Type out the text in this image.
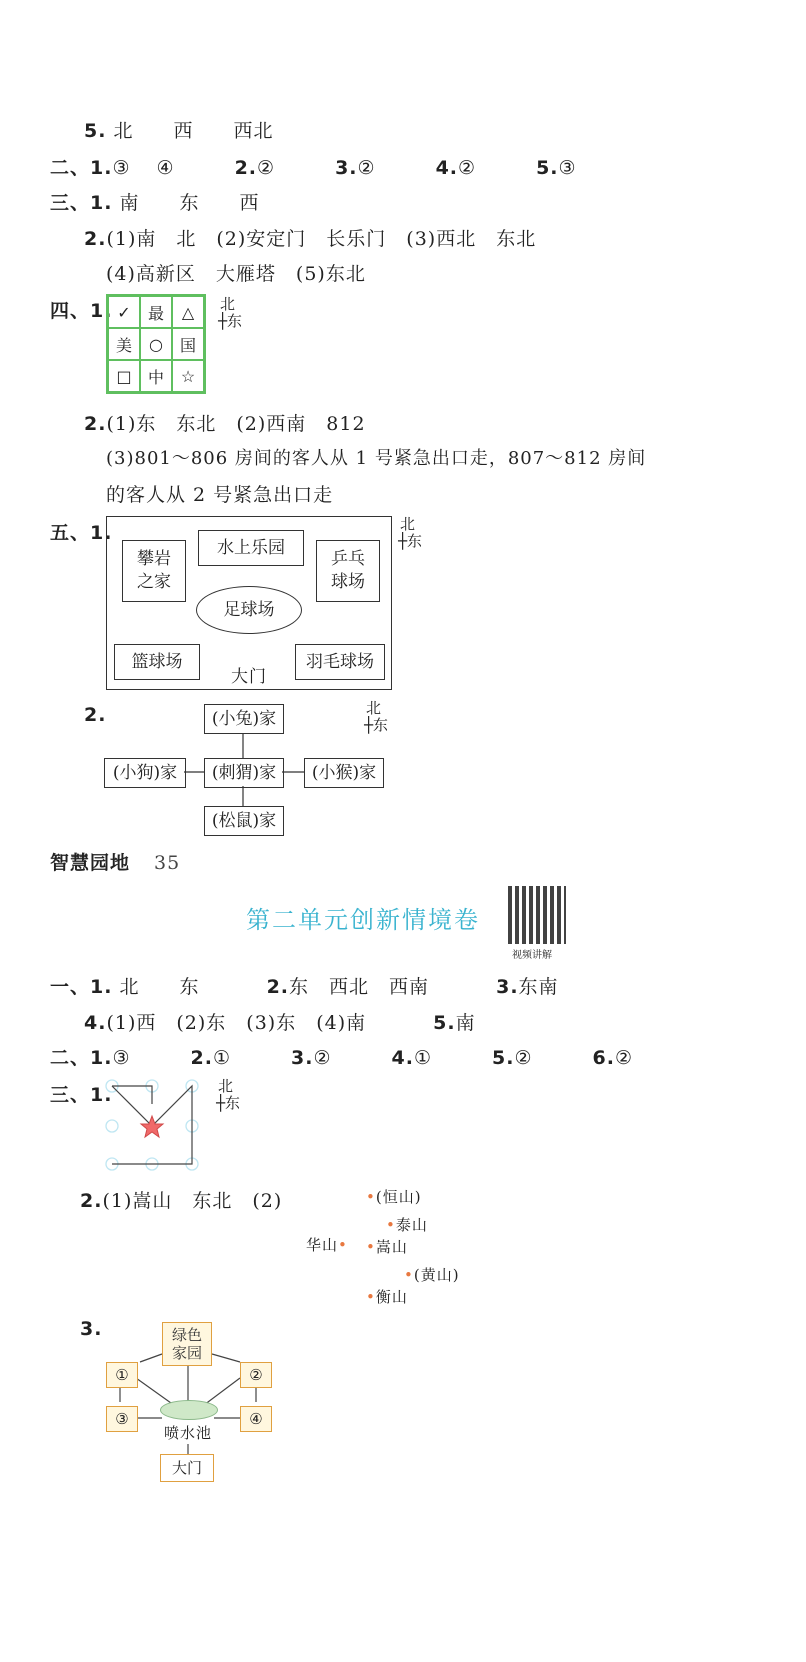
5. 北　　西　　西北
二、1.③ ④	2.②	3.②	4.②	5.③
三、1. 南　　东　　西
2.(1)南　北　(2)安定门　长乐门　(3)西北　东北
(4)高新区　大雁塔　(5)东北
四、1. ✓	最	△
美	○	国
□	中	☆
北
┼东
2.(1)东　东北　(2)西南　812
(3)801～806 房间的客人从 1 号紧急出口走，807～812 房间
的客人从 2 号紧急出口走
五、1.
攀岩
之家
水上乐园
乒乓
球场
足球场
篮球场
大门
羽毛球场
北
┼东
2.	(小兔)家
(小狗)家	(刺猬)家	(小猴)家
(松鼠)家
北
┼东
智慧园地 35
第二单元创新情境卷
视频讲解
一、1. 北　　东	2.东　西北　西南	3.东南
4.(1)西　(2)东　(3)东　(4)南	5.南
二、1.③	2.①	3.②	4.①	5.②	6.②
三、1.	北
┼东
2.(1)嵩山　东北　(2)	•(恒山)
•泰山
华山• •嵩山
•(黄山)
•衡山
3.	绿色
家园
①	②
③	④
喷水池
大门
